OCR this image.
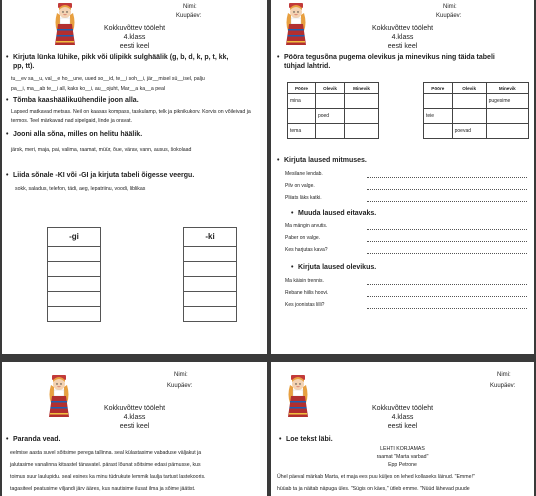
Nimi:
Kuupäev:
Kokkuvõttev tööleht
4.klass
eesti keel
• Kirjuta lünka lühike, pikk või ülipikk sulghäälik (g, b, d, k, p, t, kk,
pp, tt).
tu__ev sa__u, val__e ho__une, uued so__id, te__i soh__i, jär__misel sü__isel, palju
pa__i, ma__ab te__i all, kaks ko__i, au__ojuht, Mar__a ka__a peal
• Tõmba kaashäälikuühendile joon alla.
Lapsed matkavad metsas. Neil on kaasas kompass, taskulamp, telk ja piknikukorv. Korvis on võileivad ja termos. Teel märkavad nad sipelgaid, linde ja oravat.
• Jooni alla sõna, milles on helitu häälik.
järsk, meri, maja, pai, valima, raamat, müür, õue, värav, vann, ausus, šokolaad
• Liida sõnale -KI või -GI ja kirjuta tabeli õigesse veergu.
sokk, saladus, telefon, tädi, aeg, lepatriinu, voodi, liblikas
-gi	-ki
Nimi:
Kuupäev:
Kokkuvõttev tööleht
4.klass
eesti keel
• Pööra tegusõna pugema olevikus ja minevikus ning täida tabeli
tühjad lahtrid.
Pööre	Olevik	Minevik
mina		
	poed	
tema		
Pööre	Olevik	Minevik
		pugesime
teie		
	poevad	
• Kirjuta laused mitmuses.
Mesilane lendab.
Pilv on valge.
Pliiats läks katki.
• Muuda laused eitavaks.
Ma mängin arvutis.
Paber on valge.
Kes harjutas kava?
• Kirjuta laused olevikus.
Ma käisin trennis.
Rebane hiilis hoovi.
Kes joonistas lilli?
Nimi:
Kuupäev:
Kokkuvõttev tööleht
4.klass
eesti keel
• Paranda vead.
eelmise aasta suvel sõitsime perega tallinna. seal külastasime vabaduse väljakut ja
jalutasime vanalinna kitsastel tänavatel. pärast lõunat sõitsime edasi pärnusse, kus
toimus suur laulupidu. seal esines ka minu tüdrukute lemmik laulja tartust lastekooris.
tagasiteel peatusime viljandi järv ääres, kus nautisime ilusat ilma ja sõime jäätist.
Nimi:
Kuupäev:
Kokkuvõttev tööleht
4.klass
eesti keel
• Loe tekst läbi.
LEHTI KORJAMAS
raamat "Marta varbad"
Epp Petrone
Ühel päeval märkab Marta, et maja ees puu küljes on lehed kollaseks läinud. "Emme!"
hüüab ta ja näitab näpuga üles. "Sügis on käes," ütleb emme. "Nüüd lähevad puude
